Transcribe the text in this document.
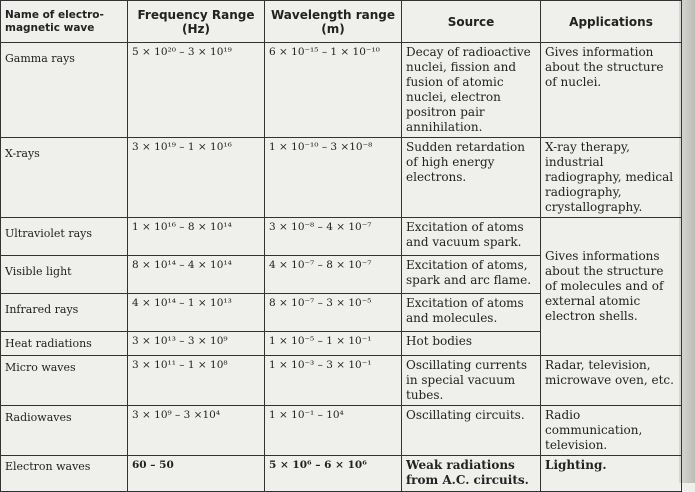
Name of electro-magnetic wave	Frequency Range (Hz)	Wavelength range (m)	Source	Applications
Gamma rays	5 × 10²⁰ – 3 × 10¹⁹	6 × 10⁻¹⁵ – 1 × 10⁻¹⁰	Decay of radioactive nuclei, fission and fusion of atomic nuclei, electron positron pair annihilation.	Gives information about the structure of nuclei.
X-rays	3 × 10¹⁹ – 1 × 10¹⁶	1 × 10⁻¹⁰ – 3 ×10⁻⁸	Sudden retardation of high energy electrons.	X-ray therapy, industrial radiography, medical radiography, crystallography.
Ultraviolet rays	1 × 10¹⁶ – 8 × 10¹⁴	3 × 10⁻⁸ – 4 × 10⁻⁷	Excitation of atoms and vacuum spark.	Gives informations about the structure of molecules and of external atomic electron shells.
Visible light	8 × 10¹⁴ – 4 × 10¹⁴	4 × 10⁻⁷ – 8 × 10⁻⁷	Excitation of atoms, spark and arc flame.	
Infrared rays	4 × 10¹⁴ – 1 × 10¹³	8 × 10⁻⁷ – 3 × 10⁻⁵	Excitation of atoms and molecules.	
Heat radiations	3 × 10¹³ – 3 × 10⁹	1 × 10⁻⁵ – 1 × 10⁻¹	Hot bodies	
Micro waves	3 × 10¹¹ – 1 × 10⁸	1 × 10⁻³ – 3 × 10⁻¹	Oscillating currents in special vacuum tubes.	Radar, television, microwave oven, etc.
Radiowaves	3 × 10⁹ – 3 ×10⁴	1 × 10⁻¹ – 10⁴	Oscillating circuits.	Radio communication, television.
Electron waves	60 – 50	5 × 10⁶ – 6 × 10⁶	Weak radiations from A.C. circuits.	Lighting.
